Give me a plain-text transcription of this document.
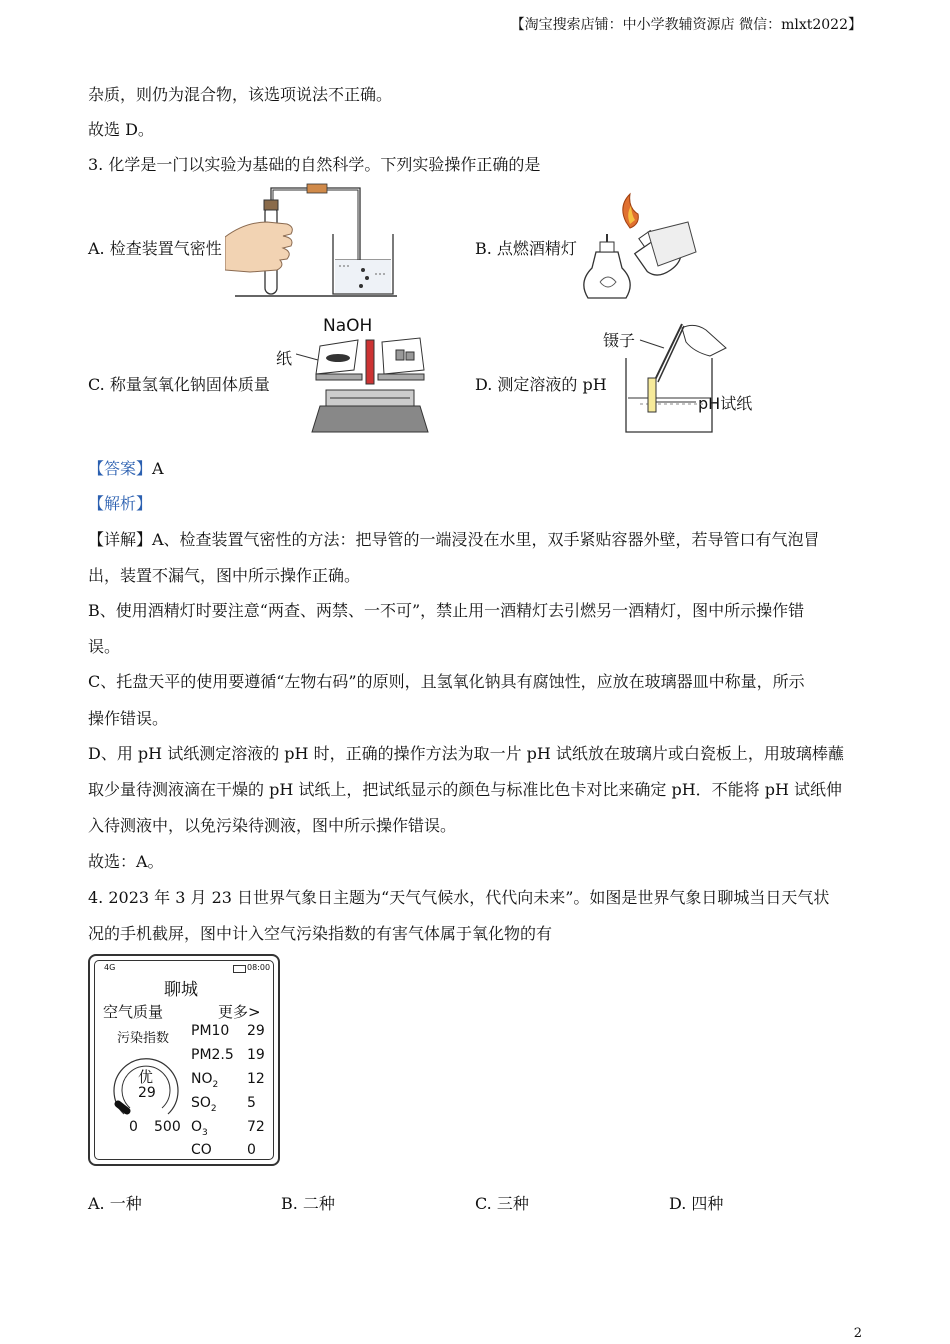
【淘宝搜索店铺：中小学教辅资源店 微信：mlxt2022】
杂质，则仍为混合物，该选项说法不正确。
故选 D。
3. 化学是一门以实验为基础的自然科学。下列实验操作正确的是
A. 检查装置气密性	B. 点燃酒精灯
C. 称量氢氧化钠固体质量
NaOH
纸
D. 测定溶液的 pH
镊子
pH试纸
【答案】A
【解析】
【详解】A、检查装置气密性的方法：把导管的一端浸没在水里，双手紧贴容器外壁，若导管口有气泡冒
出，装置不漏气，图中所示操作正确。
B、使用酒精灯时要注意“两查、两禁、一不可”，禁止用一酒精灯去引燃另一酒精灯，图中所示操作错
误。
C、托盘天平的使用要遵循“左物右码”的原则，且氢氧化钠具有腐蚀性，应放在玻璃器皿中称量，所示
操作错误。
D、用 pH 试纸测定溶液的 pH 时，正确的操作方法为取一片 pH 试纸放在玻璃片或白瓷板上，用玻璃棒蘸
取少量待测液滴在干燥的 pH 试纸上，把试纸显示的颜色与标准比色卡对比来确定 pH．不能将 pH 试纸伸
入待测液中，以免污染待测液，图中所示操作错误。
故选：A。
4. 2023 年 3 月 23 日世界气象日主题为“天气气候水，代代向未来”。如图是世界气象日聊城当日天气状
况的手机截屏，图中计入空气污染指数的有害气体属于氧化物的有
4G	08:00
聊城
空气质量	更多>
污染指数
优
29
0 500
PM10 29
PM2.5 19
$NO_2$ 12
$SO_2$ 5
$O_3$	72
CO	0
A. 一种	B. 二种	C. 三种	D. 四种
2
